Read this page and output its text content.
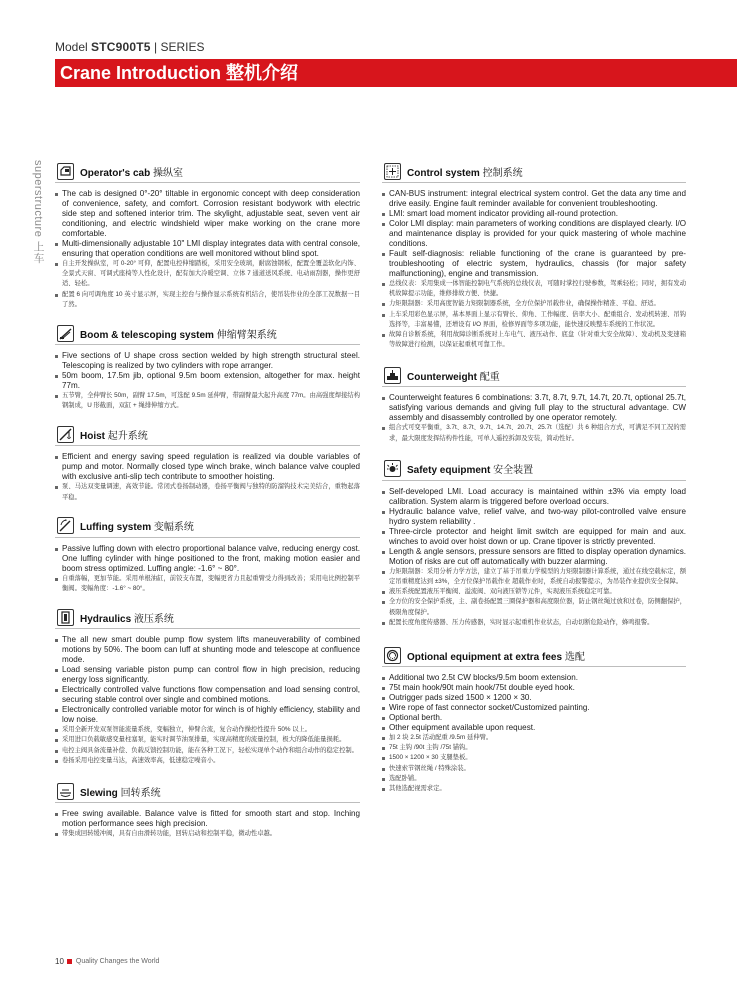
Model STC900T5 | SERIES
Crane Introduction 整机介绍
superstructure 上车	Operator's cab 操纵室
The cab is designed 0°-20° tiltable in ergonomic concept with deep consideration of convenience, safety, and comfort. Corrosion resistant bodywork with electric side step and softened interior trim. The skylight, adjustable seat, seven vent air conditioning, and electric windshield wiper make working on the crane more comfortable.
Multi-dimensionally adjustable 10" LMI display integrates data with central console, ensuring that operation conditions are well monitored without blind spot.
自主开发操纵室，可 0-20° 可仰，配置电控伸缩踏板，采用安全玻璃，耐腐蚀钢板，配置全覆盖软化内饰、全景式天窗、可调式座椅等人性化设计，配有加大冷暖空调、立体 7 通道送风系统、电动雨刮器，操作更舒适、轻松。
配置 6 向可调角度 10 英寸显示屏，实现主控台与操作显示系统有机结合，使吊装作业的全部工况数据一目了然。
Boom & telescoping system 伸缩臂架系统
Five sections of U shape cross section welded by high strength structural steel. Telescoping is realized by two cylinders with rope arranger.
50m boom, 17.5m jib, optional 9.5m boom extension, altogether for max. height 77m.
五节臂，全伸臂长 50m，副臂 17.5m，可选配 9.5m 延伸臂，带副臂最大起升高度 77m。由高强度焊接结构钢制成，U 形截面，双缸 + 绳排伸缩方式。
Hoist 起升系统
Efficient and energy saving speed regulation is realized via double variables of pump and motor. Normally closed type winch brake, winch balance valve coupled with exclusive anti-slip tech contribute to smoother hoisting.
泵、马达双变量调速，高效节能。常闭式卷扬制动器，卷扬平衡阀与独特的防溜钩技术完美结合，重物起落平稳。
Luffing system 变幅系统
Passive luffing down with electro proportional balance valve, reducing energy cost. One luffing cylinder with hinge positioned to the front, making motion easier and boom stress optimized. Luffing angle: -1.6° ~ 80°.
自重落幅，更加节能。采用单根油缸，前铰支布置，变幅更省力且起重臂受力得到改善；采用电比例控制平衡阀。变幅角度：-1.6° ~ 80°。
Hydraulics 液压系统
The all new smart double pump flow system lifts maneuverability of combined motions by 50%. The boom can luff at shunting mode and telescope at confluence mode.
Load sensing variable piston pump can control flow in high precision, reducing energy loss significantly.
Electrically controlled valve functions flow compensation and load sensing control, securing stable control over single and combined motions.
Electronically controlled variable motor for winch is of highly efficiency, stability and low noise.
采用全新开发双泵智能流量系统，变幅独立，伸臂合流，复合动作操控性提升 50% 以上。
采用进口负载敏感变量柱塞泵，能实时调节油泵排量，实现高精度的流量控制，极大的降低能量损耗。
电控主阀具备流量补偿、负载反馈控制功能，能在各种工况下，轻松实现单个动作和组合动作的稳定控制。
卷扬采用电控变量马达，高速效率高，低速稳定噪音小。
Slewing 回转系统
Free swing available. Balance valve is fitted for smooth start and stop. Inching motion performance sees high precision.
带集成回转缓冲阀，具有自由滑转功能，回转启动和控制平稳，微动性卓越。
Control system 控制系统
CAN-BUS instrument: integral electrical system control. Get the data any time and drive easily. Engine fault reminder available for convenient troubleshooting.
LMI: smart load moment indicator providing all-round protection.
Color LMI display: main parameters of working conditions are displayed clearly. I/O and maintenance display is provided for your quick mastering of whole machine conditions.
Fault self-diagnosis: reliable functioning of the crane is guaranteed by pre-troubleshooting of electric system, hydraulics, chassis (for major safety malfunctioning), engine and transmission.
总线仪表：采用集成一体智能控制电气系统的总线仪表，可随时掌控行驶参数，驾乘轻松；同时，拥有发动机故障提示功能，维修排故方便、快捷。
力矩限制器：采用高度智能力矩限制器系统，全方位保护吊载作业，确保操作精准、平稳、舒适。
上车采用彩色显示屏，基本界面上显示有臂长、仰角、工作幅度、倍率大小、配重组合、发动机转速、吊钩选择等，丰富易懂，还增设有 I/O 界面，检修界面等多项功能，能快速反映整车系统的工作状况。
故障自诊断系统，利用故障诊断系统对上车电气、液压动作、底盘（针对重大安全故障）、发动机及变速箱等故障进行检测，以保证起重机可靠工作。
Counterweight 配重
Counterweight features 6 combinations: 3.7t, 8.7t, 9.7t, 14.7t, 20.7t, optional 25.7t, satisfying various demands and giving full play to the structural advantage. CW assembly and disassembly controlled by one operator remotely.
组合式可变平衡重，3.7t、8.7t、9.7t、14.7t、20.7t、25.7t（选配）共 6 种组合方式，可满足不同工况的需求，最大限度发挥结构件性能，可单人遥控拆卸及安装，简动性好。
Safety equipment 安全装置
Self-developed LMI. Load accuracy is maintained within ±3% via empty load calibration. System alarm is triggered before overload occurs.
Hydraulic balance valve, relief valve, and two-way pilot-controlled valve ensure hydro system reliability .
Three-circle protector and height limit switch are equipped for main and aux. winches to avoid over hoist down or up. Crane tipover is strictly prevented.
Length & angle sensors, pressure sensors are fitted to display operation dynamics. Motion of risks are cut off automatically with buzzer alarming.
力矩限制器：采用分析力学方法，建立了基于吊重力学模型的力矩限制器计算系统，通过在线空载标定，额定吊重精度达到 ±3%，全方位保护吊载作业 超载作业时，系统自动报警提示，为吊装作业提供安全保障。
液压系统配置液压平衡阀、溢流阀、双向液压锁等元件，实现液压系统稳定可靠。
全方位的安全保护系统，主、副卷扬配置三圈保护器和高度限位器，防止钢丝绳过放和过卷，防侧翻保护，极限角度保护。
配置长度角度传感器、压力传感器，实时显示起重机作业状态，自动切断危险动作，蜂鸣报警。
Optional equipment at extra fees 选配
Additional two 2.5t CW blocks/9.5m boom extension.
75t main hook/90t main hook/75t double eyed hook.
Outrigger pads sized 1500 × 1200 × 30.
Wire rope of fast connector socket/Customized painting.
Optional berth.
Other equipment available upon request.
加 2 块 2.5t 活动配重 /9.5m 延伸臂。
75t 主钩 /90t 主钩 /75t 锚钩。
1500 × 1200 × 30 支腿垫板。
快速索节钢丝绳 / 特殊涂装。
选配卧铺。
其他选配视需求定。
10 Quality Changes the World
